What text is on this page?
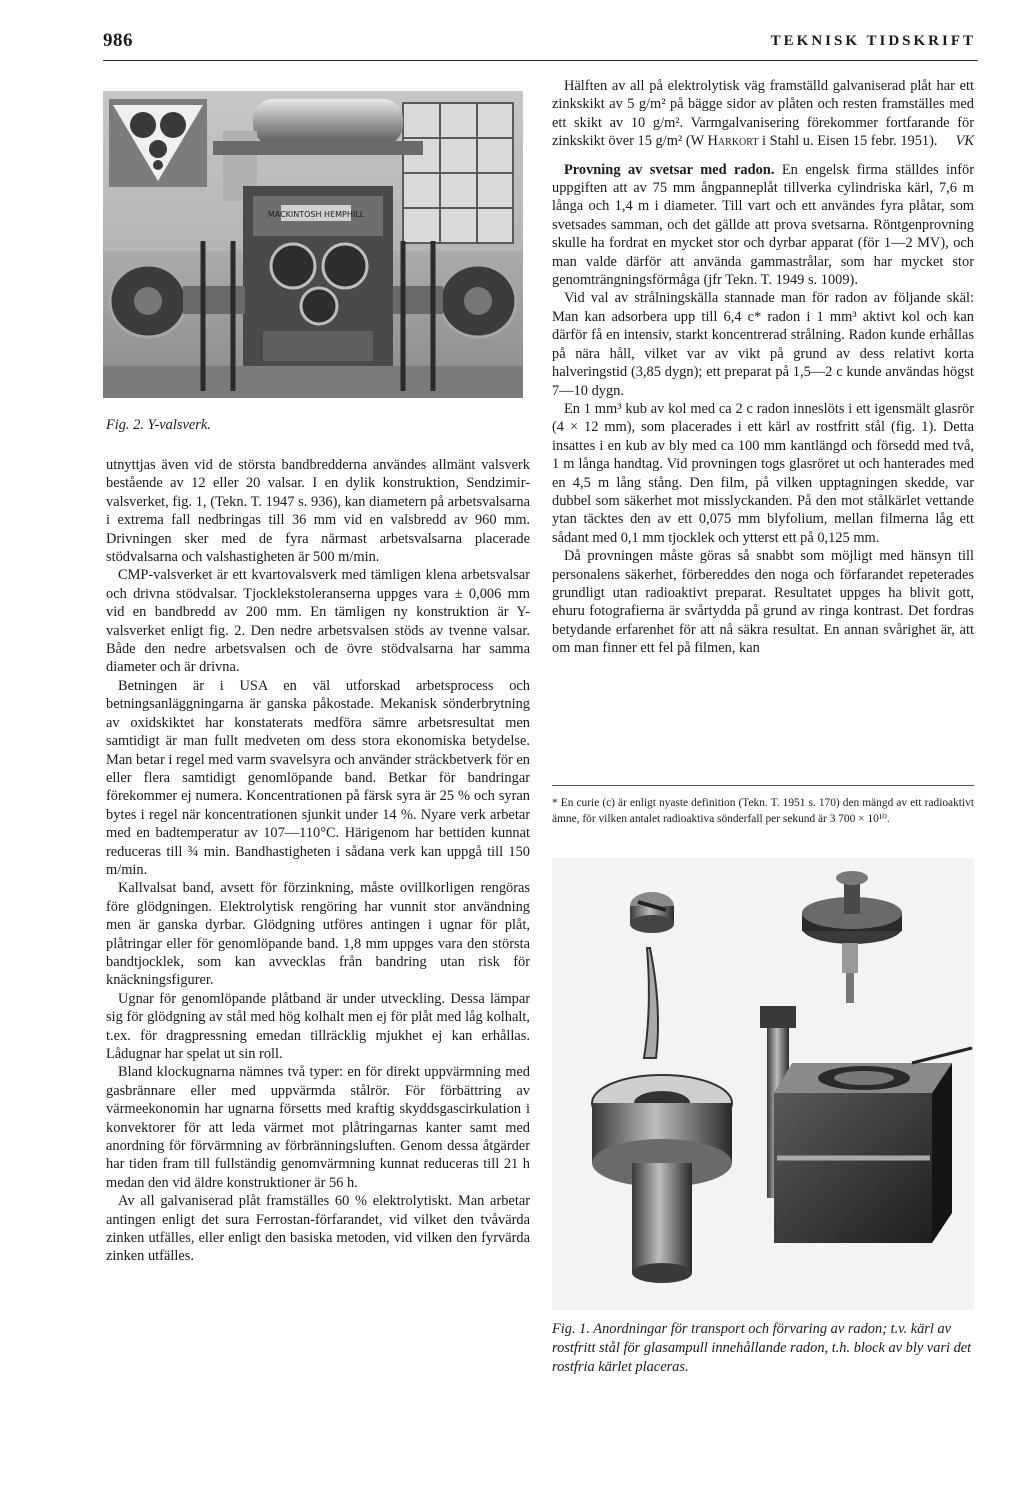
986	TEKNISK TIDSKRIFT
MACKINTOSH HEMPHILL
Fig. 2. Y-valsverk.

utnyttjas även vid de största bandbredderna användes allmänt valsverk bestående av 12 eller 20 valsar. I en dylik konstruktion, Sendzimir-valsverket, fig. 1, (Tekn. T. 1947 s. 936), kan diametern på arbetsvalsarna i extrema fall nedbringas till 36 mm vid en valsbredd av 960 mm. Drivningen sker med de fyra närmast arbetsvalsarna placerade stödvalsarna och valshastigheten är 500 m/min.

CMP-valsverket är ett kvartovalsverk med tämligen klena arbetsvalsar och drivna stödvalsar. Tjocklekstoleranserna uppges vara ± 0,006 mm vid en bandbredd av 200 mm. En tämligen ny konstruktion är Y-valsverket enligt fig. 2. Den nedre arbetsvalsen stöds av tvenne valsar. Både den nedre arbetsvalsen och de övre stödvalsarna har samma diameter och är drivna.

Betningen är i USA en väl utforskad arbetsprocess och betningsanläggningarna är ganska påkostade. Mekanisk sönderbrytning av oxidskiktet har konstaterats medföra sämre arbetsresultat men samtidigt är man fullt medveten om dess stora ekonomiska betydelse. Man betar i regel med varm svavelsyra och använder sträckbetverk för en eller flera samtidigt genomlöpande band. Betkar för bandringar förekommer ej numera. Koncentrationen på färsk syra är 25 % och syran bytes i regel när koncentrationen sjunkit under 14 %. Nyare verk arbetar med en badtemperatur av 107—110°C. Härigenom har bettiden kunnat reduceras till ¾ min. Bandhastigheten i sådana verk kan uppgå till 150 m/min.

Kallvalsat band, avsett för förzinkning, måste ovillkorligen rengöras före glödgningen. Elektrolytisk rengöring har vunnit stor användning men är ganska dyrbar. Glödgning utföres antingen i ugnar för plåt, plåtringar eller för genomlöpande band. 1,8 mm uppges vara den största bandtjocklek, som kan avvecklas från bandring utan risk för knäckningsfigurer.

Ugnar för genomlöpande plåtband är under utveckling. Dessa lämpar sig för glödgning av stål med hög kolhalt men ej för plåt med låg kolhalt, t.ex. för dragpressning emedan tillräcklig mjukhet ej kan erhållas. Lådugnar har spelat ut sin roll.

Bland klockugnarna nämnes två typer: en för direkt uppvärmning med gasbrännare eller med uppvärmda stålrör. För förbättring av värmeekonomin har ugnarna försetts med kraftig skyddsgascirkulation i konvektorer för att leda värmet mot plåtringarnas kanter samt med anordning för förvärmning av förbränningsluften. Genom dessa åtgärder har tiden fram till fullständig genomvärmning kunnat reduceras till 21 h medan den vid äldre konstruktioner är 56 h.

Av all galvaniserad plåt framställes 60 % elektrolytiskt. Man arbetar antingen enligt det sura Ferrostan-förfarandet, vid vilket den tvåvärda zinken utfälles, eller enligt den basiska metoden, vid vilken den fyrvärda zinken utfälles.

Hälften av all på elektrolytisk väg framställd galvaniserad plåt har ett zinkskikt av 5 g/m² på bägge sidor av plåten och resten framställes med ett skikt av 10 g/m². Varmgalvanisering förekommer fortfarande för zinkskikt över 15 g/m² (W Harkort i Stahl u. Eisen 15 febr. 1951).	VK

Provning av svetsar med radon. En engelsk firma ställdes inför uppgiften att av 75 mm ångpanneplåt tillverka cylindriska kärl, 7,6 m långa och 1,4 m i diameter. Till vart och ett användes fyra plåtar, som svetsades samman, och det gällde att prova svetsarna. Röntgenprovning skulle ha fordrat en mycket stor och dyrbar apparat (för 1—2 MV), och man valde därför att använda gammastrålar, som har mycket stor genomträngningsförmåga (jfr Tekn. T. 1949 s. 1009).

Vid val av strålningskälla stannade man för radon av följande skäl: Man kan adsorbera upp till 6,4 c* radon i 1 mm³ aktivt kol och kan därför få en intensiv, starkt koncentrerad strålning. Radon kunde erhållas på nära håll, vilket var av vikt på grund av dess relativt korta halveringstid (3,85 dygn); ett preparat på 1,5—2 c kunde användas högst 7—10 dygn.

En 1 mm³ kub av kol med ca 2 c radon inneslöts i ett igensmält glasrör (4 × 12 mm), som placerades i ett kärl av rostfritt stål (fig. 1). Detta insattes i en kub av bly med ca 100 mm kantlängd och försedd med två, 1 m långa handtag. Vid provningen togs glasröret ut och hanterades med en 4,5 m lång stång. Den film, på vilken upptagningen skedde, var dubbel som säkerhet mot misslyckanden. På den mot stålkärlet vettande ytan täcktes den av ett 0,075 mm blyfolium, mellan filmerna låg ett sådant med 0,1 mm tjocklek och ytterst ett på 0,125 mm.

Då provningen måste göras så snabbt som möjligt med hänsyn till personalens säkerhet, förbereddes den noga och förfarandet repeterades grundligt utan radioaktivt preparat. Resultatet uppges ha blivit gott, ehuru fotografierna är svårtydda på grund av ringa kontrast. Det fordras betydande erfarenhet för att nå säkra resultat. En annan svårighet är, att om man finner ett fel på filmen, kan

* En curie (c) är enligt nyaste definition (Tekn. T. 1951 s. 170) den mängd av ett radioaktivt ämne, för vilken antalet radioaktiva sönderfall per sekund är 3 700 × 10¹⁰.

Fig. 1. Anordningar för transport och förvaring av radon; t.v. kärl av rostfritt stål för glasampull innehållande radon, t.h. block av bly vari det rostfria kärlet placeras.
